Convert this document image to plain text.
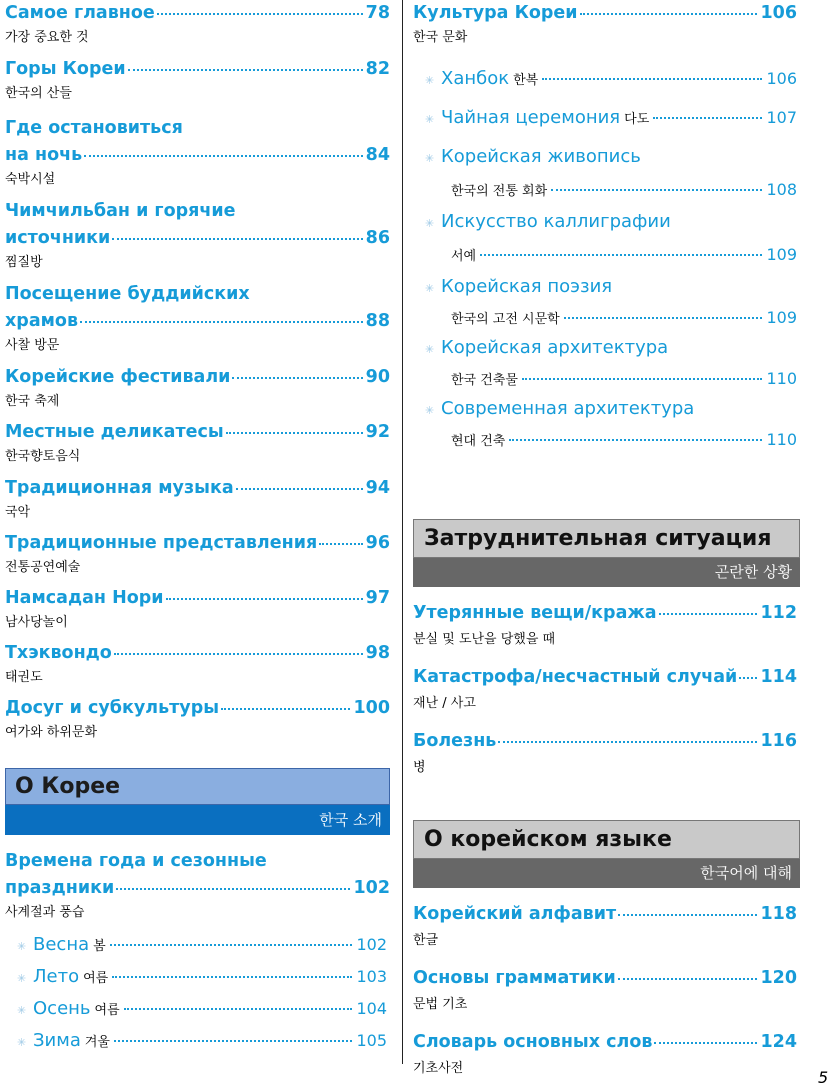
Самое главное	78
가장 중요한 것
Горы Кореи	82
한국의 산들
Где остановиться
на ночь	84
숙박시설
Чимчильбан и горячие
источники	86
찜질방
Посещение буддийских
храмов	88
사찰 방문
Корейские фестивали	90
한국 축제
Местные деликатесы	92
한국향토음식
Традиционная музыка	94
국악
Традиционные представления	96
전통공연예술
Намсадан Нори	97
남사당놀이
Тхэквондо	98
태권도
Досуг и субкультуры	100
여가와 하위문화
О Корее
한국 소개
Времена года и сезонные
праздники	102
사계절과 풍습
✳ Весна 봄	102
✳ Лето 여름	103
✳ Осень 여름	104
✳ Зима 겨울	105
Культура Кореи	106
한국 문화
✳ Ханбок 한복	106
✳ Чайная церемония 다도	107
✳ Корейская живопись
한국의 전통 회화	108
✳ Искусство каллиграфии
서예	109
✳ Корейская поэзия
한국의 고전 시문학	109
✳ Корейская архитектура
한국 건축물	110
✳ Современная архитектура
현대 건축	110
Затруднительная ситуация
곤란한 상황
Утерянные вещи/кража	112
분실 및 도난을 당했을 때
Катастрофа/несчастный случай 114
재난 / 사고
Болезнь	116
병
О корейском языке
한국어에 대해
Корейский алфавит	118
한글
Основы грамматики	120
문법 기초
Словарь основных слов	124
기초사전	5
